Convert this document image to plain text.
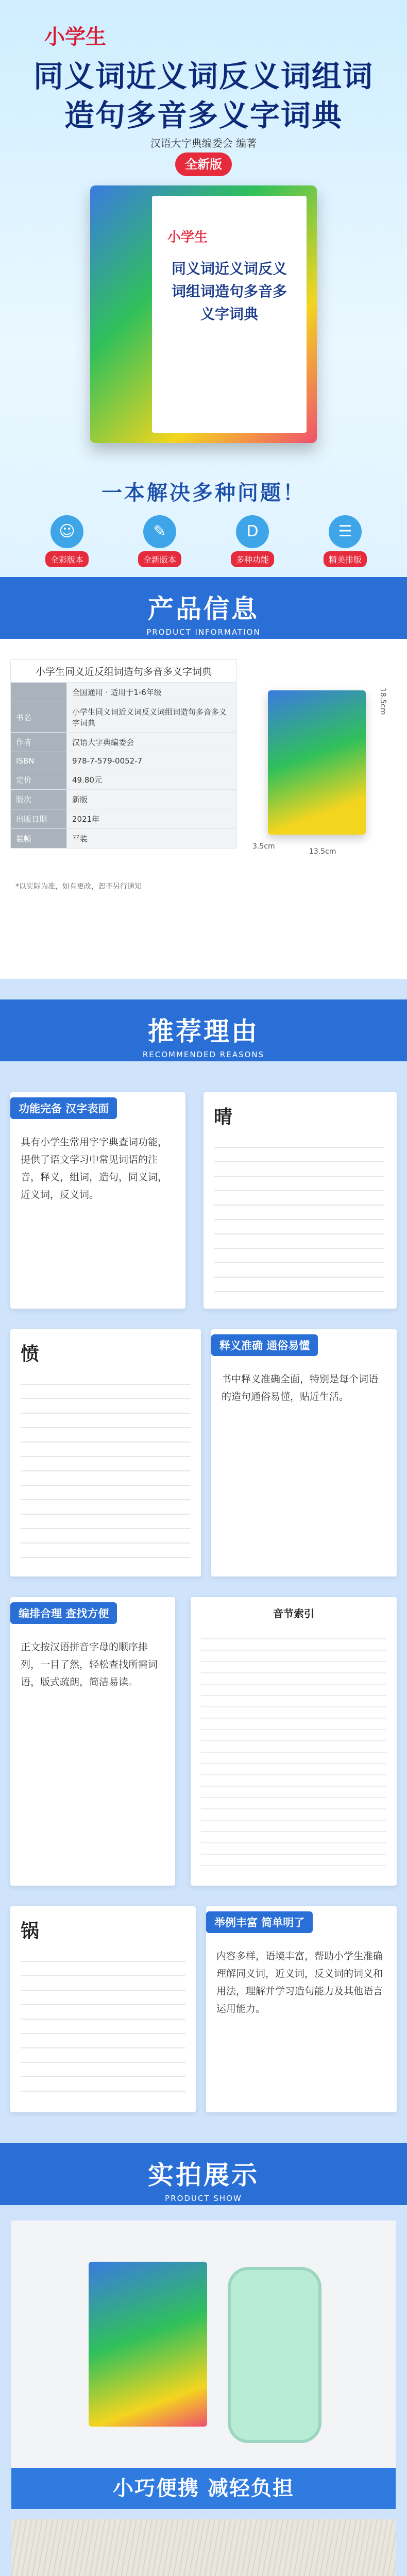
小学生
同义词近义词反义词组词
造句多音多义字词典
汉语大字典编委会 编著
全新版
小学生
同义词近义词反义词组词造句多音多义字词典
一本解决多种问题！
☺
全彩版本
✎
全新版本
D
多种功能
☰
精美排版
产品信息
PRODUCT INFORMATION
小学生同义近反组词造句多音多义字词典	
	全国通用 · 适用于1-6年级
书名	小学生同义词近义词反义词组词造句多音多义字词典
作者	汉语大字典编委会
ISBN	978-7-579-0052-7
定价	49.80元
版次	新版
出版日期	2021年
装帧	平装
18.5cm
13.5cm
3.5cm
*以实际为准，如有更改，恕不另行通知
推荐理由
RECOMMENDED REASONS
功能完备 汉字表面
具有小学生常用字字典查词功能，提供了语文学习中常见词语的注音，释义，组词，造句，同义词，近义词，反义词。
晴
愤	释义准确 通俗易懂
书中释义准确全面，特别是每个词语的造句通俗易懂，贴近生活。
编排合理 查找方便
正文按汉语拼音字母的顺序排列，一目了然，轻松查找所需词语，版式疏朗，简洁易读。
音节索引
锅	举例丰富 简单明了
内容多样，语境丰富，帮助小学生准确理解同义词，近义词，反义词的词义和用法，理解并学习造句能力及其他语言运用能力。
实拍展示
PRODUCT SHOW
小巧便携 减轻负担
